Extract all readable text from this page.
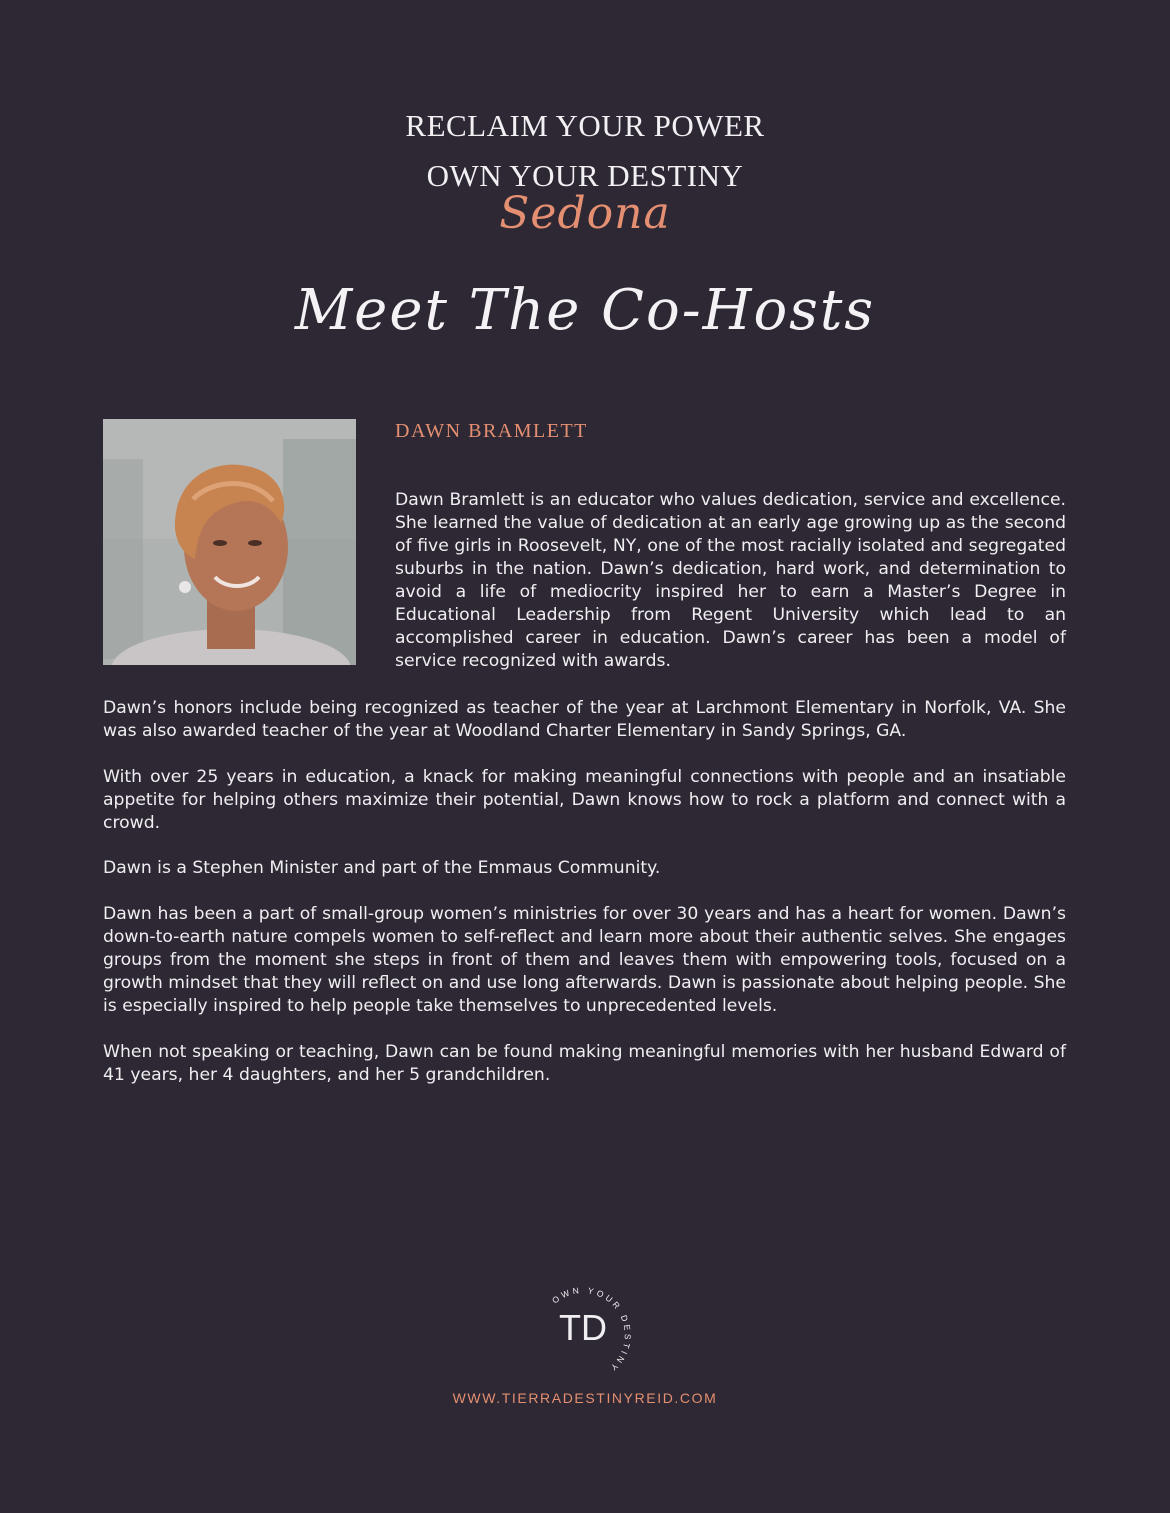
RECLAIM YOUR POWER
OWN YOUR DESTINY
Sedona
Meet The Co-Hosts
DAWN BRAMLETT

Dawn Bramlett is an educator who values dedication, service and excellence. She learned the value of dedication at an early age growing up as the second of five girls in Roosevelt, NY, one of the most racially isolated and segregated suburbs in the nation. Dawn’s dedication, hard work, and determination to avoid a life of mediocrity inspired her to earn a Master’s Degree in Educational Leadership from Regent University which lead to an accomplished career in education. Dawn’s career has been a model of service recognized with awards.

Dawn’s honors include being recognized as teacher of the year at Larchmont Elementary in Norfolk, VA. She was also awarded teacher of the year at Woodland Charter Elementary in Sandy Springs, GA.

With over 25 years in education, a knack for making meaningful connections with people and an insatiable appetite for helping others maximize their potential, Dawn knows how to rock a platform and connect with a crowd.

Dawn is a Stephen Minister and part of the Emmaus Community.

Dawn has been a part of small-group women’s ministries for over 30 years and has a heart for women. Dawn’s down-to-earth nature compels women to self-reflect and learn more about their authentic selves. She engages groups from the moment she steps in front of them and leaves them with empowering tools, focused on a growth mindset that they will reflect on and use long afterwards. Dawn is passionate about helping people. She is especially inspired to help people take themselves to unprecedented levels.

When not speaking or teaching, Dawn can be found making meaningful memories with her husband Edward of 41 years, her 4 daughters, and her 5 grandchildren.

OWN YOUR DESTINY
TD
WWW.TIERRADESTINYREID.COM
